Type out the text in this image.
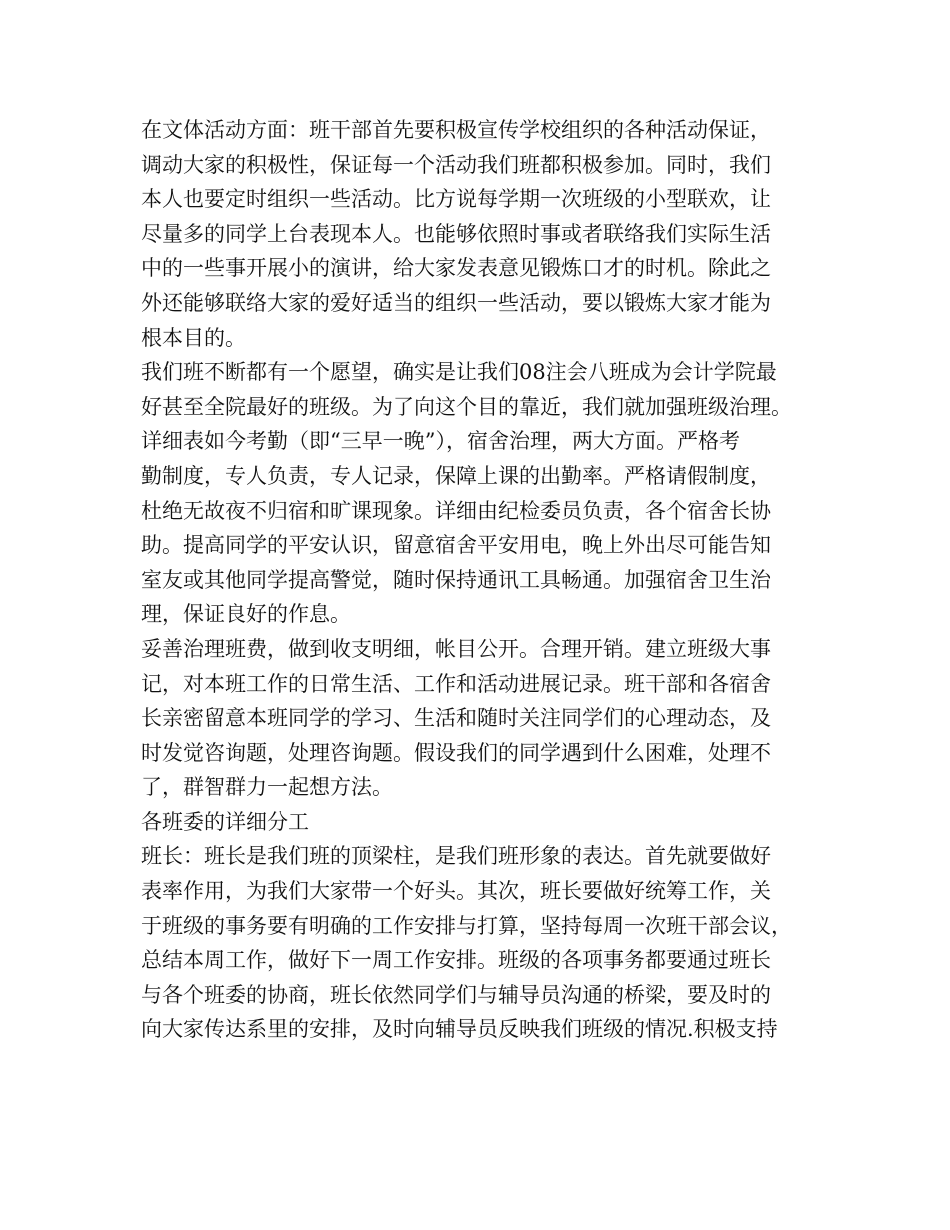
在文体活动方面：班干部首先要积极宣传学校组织的各种活动保证，
调动大家的积极性，保证每一个活动我们班都积极参加。同时，我们
本人也要定时组织一些活动。比方说每学期一次班级的小型联欢，让
尽量多的同学上台表现本人。也能够依照时事或者联络我们实际生活
中的一些事开展小的演讲，给大家发表意见锻炼口才的时机。除此之
外还能够联络大家的爱好适当的组织一些活动，要以锻炼大家才能为
根本目的。
我们班不断都有一个愿望，确实是让我们08注会八班成为会计学院最
好甚至全院最好的班级。为了向这个目的靠近，我们就加强班级治理。
详细表如今考勤（即“三早一晚”），宿舍治理，两大方面。严格考
勤制度，专人负责，专人记录，保障上课的出勤率。严格请假制度，
杜绝无故夜不归宿和旷课现象。详细由纪检委员负责，各个宿舍长协
助。提高同学的平安认识，留意宿舍平安用电，晚上外出尽可能告知
室友或其他同学提高警觉，随时保持通讯工具畅通。加强宿舍卫生治
理，保证良好的作息。
妥善治理班费，做到收支明细，帐目公开。合理开销。建立班级大事
记，对本班工作的日常生活、工作和活动进展记录。班干部和各宿舍
长亲密留意本班同学的学习、生活和随时关注同学们的心理动态，及
时发觉咨询题，处理咨询题。假设我们的同学遇到什么困难，处理不
了，群智群力一起想方法。
各班委的详细分工
班长：班长是我们班的顶梁柱，是我们班形象的表达。首先就要做好
表率作用，为我们大家带一个好头。其次，班长要做好统筹工作，关
于班级的事务要有明确的工作安排与打算，坚持每周一次班干部会议，
总结本周工作，做好下一周工作安排。班级的各项事务都要通过班长
与各个班委的协商，班长依然同学们与辅导员沟通的桥梁，要及时的
向大家传达系里的安排，及时向辅导员反映我们班级的情况.积极支持
